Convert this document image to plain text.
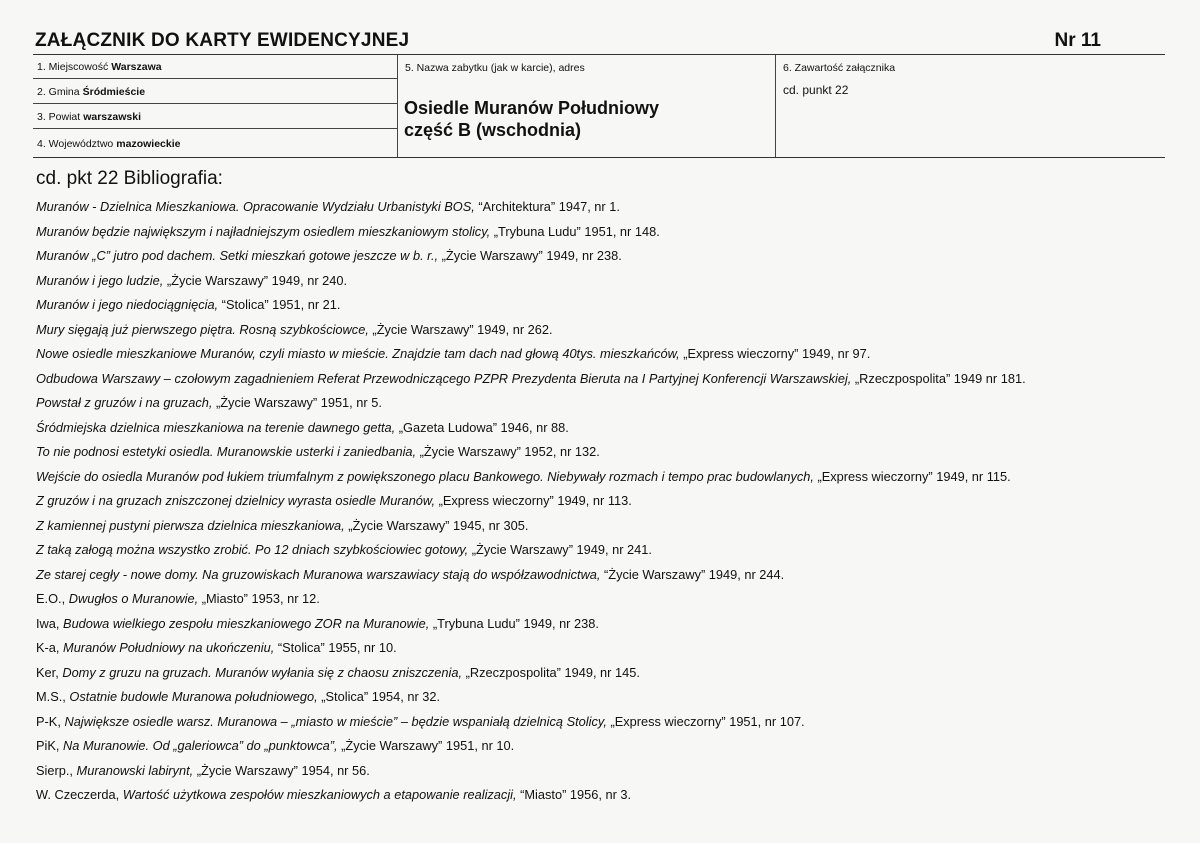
ZAŁĄCZNIK DO KARTY EWIDENCYJNEJ	Nr 11
1. Miejscowość Warszawa
2. Gmina Śródmieście
3. Powiat warszawski
4. Województwo mazowieckie
5. Nazwa zabytku (jak w karcie), adres
Osiedle Muranów Południowy
część B (wschodnia)
6. Zawartość załącznika
cd. punkt 22
cd. pkt 22 Bibliografia:
Muranów - Dzielnica Mieszkaniowa. Opracowanie Wydziału Urbanistyki BOS, “Architektura” 1947, nr 1.
Muranów będzie największym i najładniejszym osiedlem mieszkaniowym stolicy, „Trybuna Ludu” 1951, nr 148.
Muranów „C” jutro pod dachem. Setki mieszkań gotowe jeszcze w b. r., „Życie Warszawy” 1949, nr 238.
Muranów i jego ludzie, „Życie Warszawy” 1949, nr 240.
Muranów i jego niedociągnięcia, “Stolica” 1951, nr 21.
Mury sięgają już pierwszego piętra. Rosną szybkościowce, „Życie Warszawy” 1949, nr 262.
Nowe osiedle mieszkaniowe Muranów, czyli miasto w mieście. Znajdzie tam dach nad głową 40tys. mieszkańców, „Express wieczorny” 1949, nr 97.
Odbudowa Warszawy – czołowym zagadnieniem Referat Przewodniczącego PZPR Prezydenta Bieruta na I Partyjnej Konferencji Warszawskiej, „Rzeczpospolita” 1949 nr 181.
Powstał z gruzów i na gruzach, „Życie Warszawy” 1951, nr 5.
Śródmiejska dzielnica mieszkaniowa na terenie dawnego getta, „Gazeta Ludowa” 1946, nr 88.
To nie podnosi estetyki osiedla. Muranowskie usterki i zaniedbania, „Życie Warszawy” 1952, nr 132.
Wejście do osiedla Muranów pod łukiem triumfalnym z powiększonego placu Bankowego. Niebywały rozmach i tempo prac budowlanych, „Express wieczorny” 1949, nr 115.
Z gruzów i na gruzach zniszczonej dzielnicy wyrasta osiedle Muranów, „Express wieczorny” 1949, nr 113.
Z kamiennej pustyni pierwsza dzielnica mieszkaniowa, „Życie Warszawy” 1945, nr 305.
Z taką załogą można wszystko zrobić. Po 12 dniach szybkościowiec gotowy, „Życie Warszawy” 1949, nr 241.
Ze starej cegły - nowe domy. Na gruzowiskach Muranowa warszawiacy stają do współzawodnictwa, “Życie Warszawy” 1949, nr 244.
E.O., Dwugłos o Muranowie, „Miasto” 1953, nr 12.
Iwa, Budowa wielkiego zespołu mieszkaniowego ZOR na Muranowie, „Trybuna Ludu” 1949, nr 238.
K-a, Muranów Południowy na ukończeniu, “Stolica” 1955, nr 10.
Ker, Domy z gruzu na gruzach. Muranów wyłania się z chaosu zniszczenia, „Rzeczpospolita” 1949, nr 145.
M.S., Ostatnie budowle Muranowa południowego, „Stolica” 1954, nr 32.
P-K, Największe osiedle warsz. Muranowa – „miasto w mieście” – będzie wspaniałą dzielnicą Stolicy, „Express wieczorny” 1951, nr 107.
PiK, Na Muranowie. Od „galeriowca” do „punktowca”, „Życie Warszawy” 1951, nr 10.
Sierp., Muranowski labirynt, „Życie Warszawy” 1954, nr 56.
W. Czeczerda, Wartość użytkowa zespołów mieszkaniowych a etapowanie realizacji, “Miasto” 1956, nr 3.
